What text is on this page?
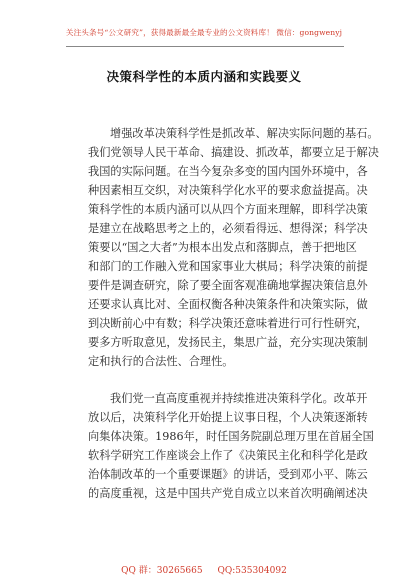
关注头条号“公文研究”，获得最新最全最专业的公文资料库！ 微信：gongwenyj
决策科学性的本质内涵和实践要义
增强改革决策科学性是抓改革、解决实际问题的基石。
我们党领导人民干革命、搞建设、抓改革，都要立足于解决
我国的实际问题。在当今复杂多变的国内国外环境中，各
种因素相互交织，对决策科学化水平的要求愈益提高。决
策科学性的本质内涵可以从四个方面来理解，即科学决策
是建立在战略思考之上的，必须看得远、想得深；科学决
策要以“国之大者”为根本出发点和落脚点，善于把地区
和部门的工作融入党和国家事业大棋局；科学决策的前提
要件是调查研究，除了要全面客观准确地掌握决策信息外
还要求认真比对、全面权衡各种决策条件和决策实际，做
到决断前心中有数；科学决策还意味着进行可行性研究，
要多方听取意见，发扬民主，集思广益，充分实现决策制
定和执行的合法性、合理性。
我们党一直高度重视并持续推进决策科学化。改革开
放以后，决策科学化开始提上议事日程，个人决策逐渐转
向集体决策。1986年，时任国务院副总理万里在首届全国
软科学研究工作座谈会上作了《决策民主化和科学化是政
治体制改革的一个重要课题》的讲话，受到邓小平、陈云
的高度重视，这是中国共产党自成立以来首次明确阐述决
QQ 群：30265665 QQ:535304092
